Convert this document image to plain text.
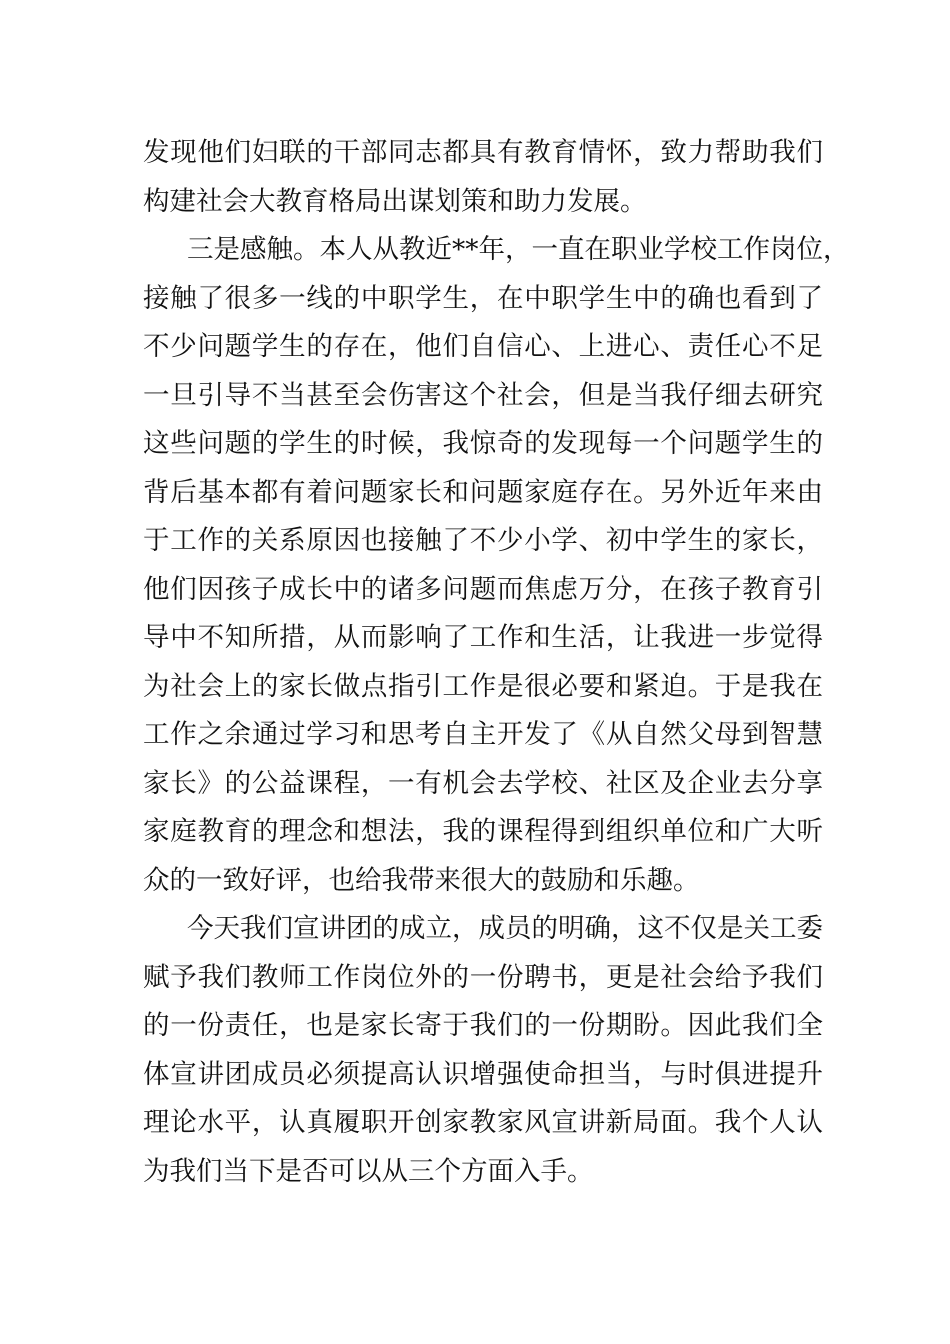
发现他们妇联的干部同志都具有教育情怀，致力帮助我们
构建社会大教育格局出谋划策和助力发展。
三是感触。本人从教近**年，一直在职业学校工作岗位，
接触了很多一线的中职学生，在中职学生中的确也看到了
不少问题学生的存在，他们自信心、上进心、责任心不足
一旦引导不当甚至会伤害这个社会，但是当我仔细去研究
这些问题的学生的时候，我惊奇的发现每一个问题学生的
背后基本都有着问题家长和问题家庭存在。另外近年来由
于工作的关系原因也接触了不少小学、初中学生的家长，
他们因孩子成长中的诸多问题而焦虑万分，在孩子教育引
导中不知所措，从而影响了工作和生活，让我进一步觉得
为社会上的家长做点指引工作是很必要和紧迫。于是我在
工作之余通过学习和思考自主开发了《从自然父母到智慧
家长》的公益课程，一有机会去学校、社区及企业去分享
家庭教育的理念和想法，我的课程得到组织单位和广大听
众的一致好评，也给我带来很大的鼓励和乐趣。
今天我们宣讲团的成立，成员的明确，这不仅是关工委
赋予我们教师工作岗位外的一份聘书，更是社会给予我们
的一份责任，也是家长寄于我们的一份期盼。因此我们全
体宣讲团成员必须提高认识增强使命担当，与时俱进提升
理论水平，认真履职开创家教家风宣讲新局面。我个人认
为我们当下是否可以从三个方面入手。
